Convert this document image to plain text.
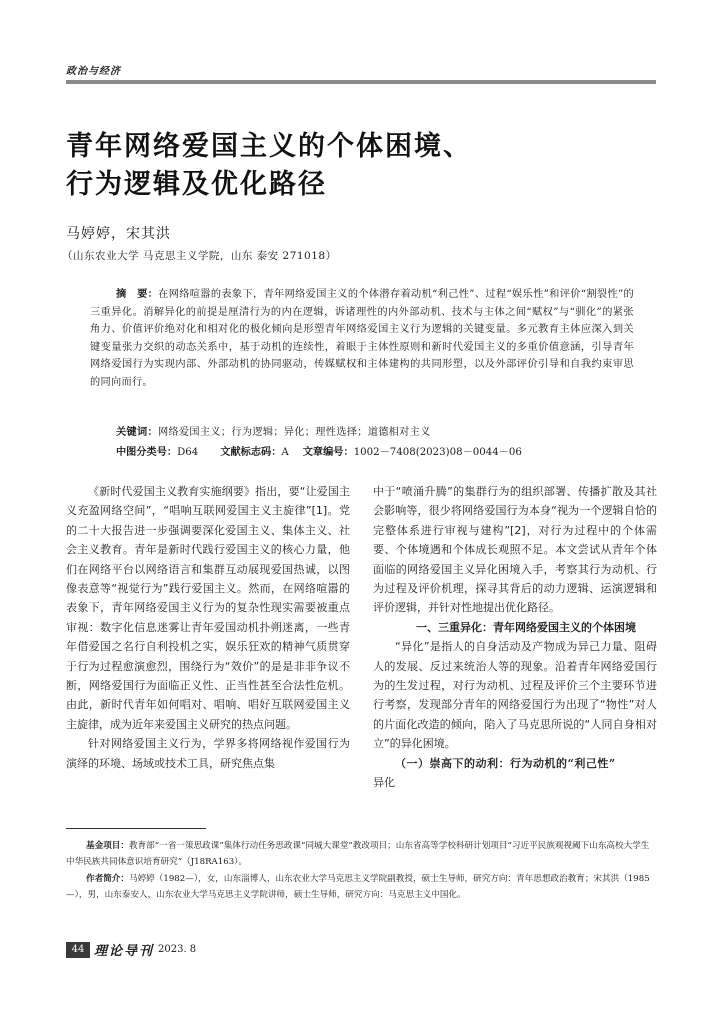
政治与经济
青年网络爱国主义的个体困境、
行为逻辑及优化路径
马婷婷，宋其洪
（山东农业大学 马克思主义学院，山东 泰安 271018）
摘　要：在网络喧嚣的表象下，青年网络爱国主义的个体潜存着动机“利己性”、过程“娱乐性”和评价“割裂性”的三重异化。消解异化的前提是厘清行为的内在逻辑，诉诸理性的内外部动机、技术与主体之间“赋权”与“驯化”的紧张角力、价值评价绝对化和相对化的极化倾向是形塑青年网络爱国主义行为逻辑的关键变量。多元教育主体应深入到关键变量张力交织的动态关系中，基于动机的连续性，着眼于主体性原则和新时代爱国主义的多重价值意涵，引导青年网络爱国行为实现内部、外部动机的协同驱动，传媒赋权和主体建构的共同形塑，以及外部评价引导和自我约束审思的同向而行。
关键词：网络爱国主义；行为逻辑；异化；理性选择；道德相对主义
中图分类号：D64 文献标志码：A 文章编号：1002－7408(2023)08－0044－06

《新时代爱国主义教育实施纲要》指出，要“让爱国主义充盈网络空间”，“唱响互联网爱国主义主旋律”[1]。党的二十大报告进一步强调要深化爱国主义、集体主义、社会主义教育。青年是新时代践行爱国主义的核心力量，他们在网络平台以网络语言和集群互动展现爱国热诚，以图像表意等“视觉行为”践行爱国主义。然而，在网络喧嚣的表象下，青年网络爱国主义行为的复杂性现实需要被重点审视：数字化信息迷雾让青年爱国动机扑朔迷离，一些青年借爱国之名行自利投机之实，娱乐狂欢的精神气质贯穿于行为过程愈演愈烈，围绕行为“效价”的是是非非争议不断，网络爱国行为面临正义性、正当性甚至合法性危机。由此，新时代青年如何唱对、唱响、唱好互联网爱国主义主旋律，成为近年来爱国主义研究的热点问题。

针对网络爱国主义行为，学界多将网络视作爱国行为演绎的环境、场域或技术工具，研究焦点集

中于“喷涌升腾”的集群行为的组织部署、传播扩散及其社会影响等，很少将网络爱国行为本身“视为一个逻辑自恰的完整体系进行审视与建构”[2]，对行为过程中的个体需要、个体境遇和个体成长观照不足。本文尝试从青年个体面临的网络爱国主义异化困境入手，考察其行为动机、行为过程及评价机理，探寻其背后的动力逻辑、运演逻辑和评价逻辑，并针对性地提出优化路径。

一、三重异化：青年网络爱国主义的个体困境

“异化”是指人的自身活动及产物成为异己力量、阻碍人的发展、反过来统治人等的现象。沿着青年网络爱国行为的生发过程，对行为动机、过程及评价三个主要环节进行考察，发现部分青年的网络爱国行为出现了“物性”对人的片面化改造的倾向，陷入了马克思所说的“人同自身相对立”的异化困境。

（一）崇高下的动利：行为动机的“利己性”

异化

基金项目：教育部“一省一策思政课”集体行动任务思政课“同城大课堂”教改项目；山东省高等学校科研计划项目“习近平民族观视阈下山东高校大学生中华民族共同体意识培育研究”（J18RA163）。
作者简介：马婷婷（1982—），女，山东淄博人，山东农业大学马克思主义学院副教授，硕士生导师，研究方向：青年思想政治教育；宋其洪（1985—），男，山东泰安人，山东农业大学马克思主义学院讲师，硕士生导师，研究方向：马克思主义中国化。
44 理论导刊 2023. 8
